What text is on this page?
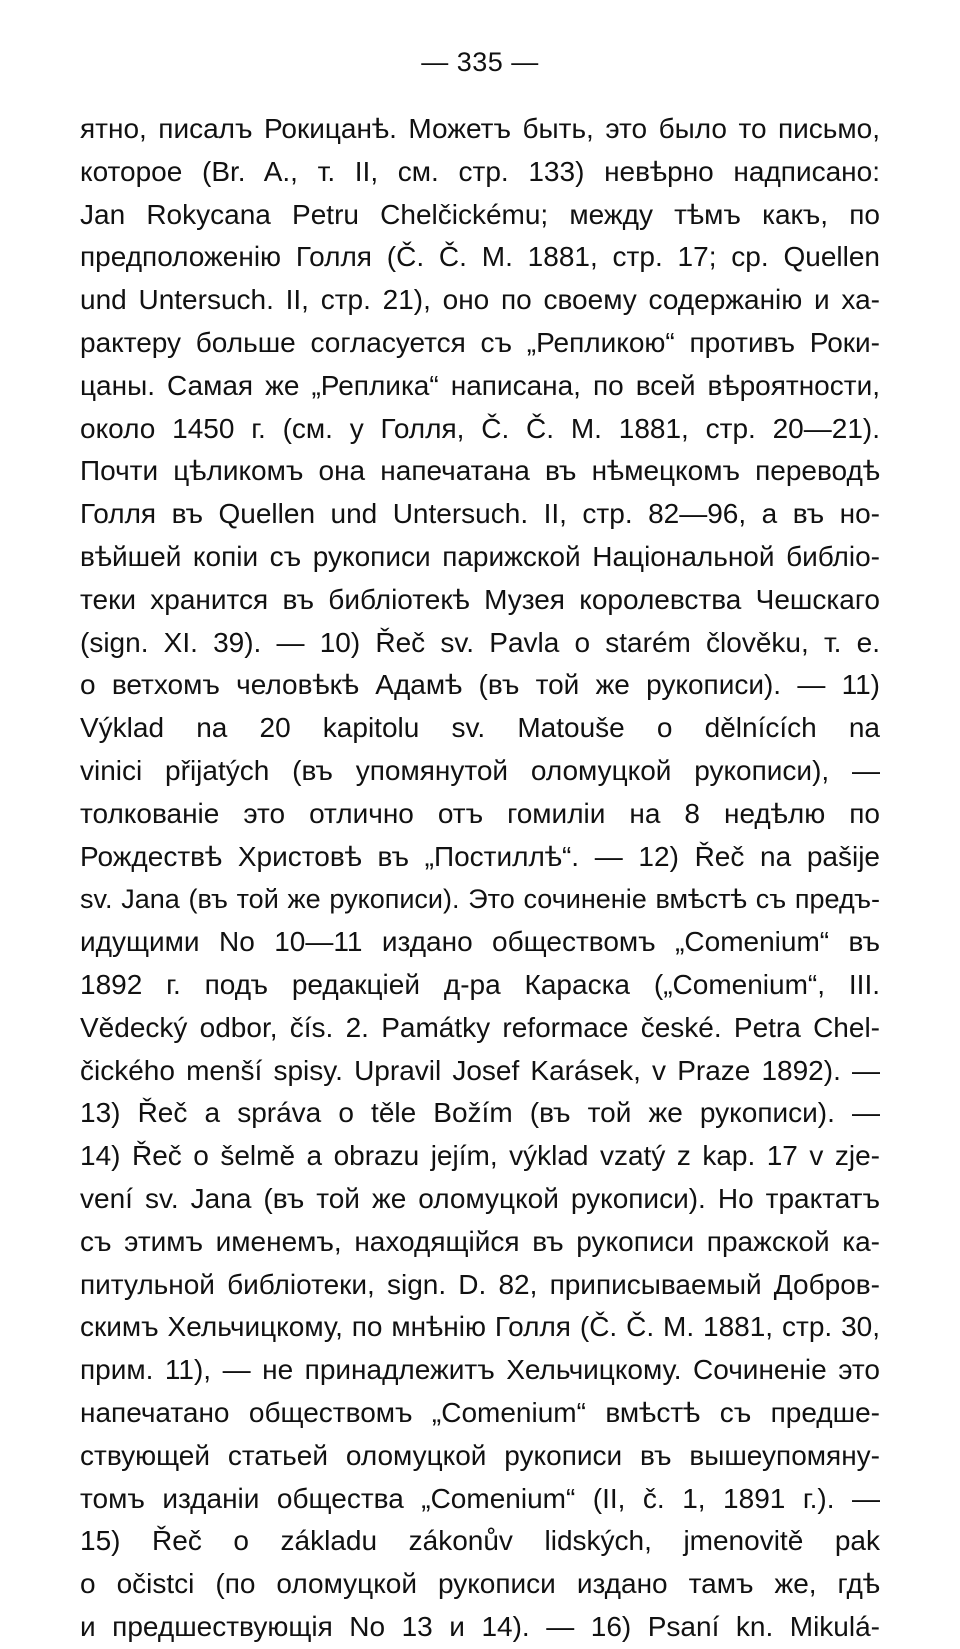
— 335 —
ятно, писалъ Рокицанѣ. Можетъ быть, это было то письмо,
которое (Br. A., т. II, см. стр. 133) невѣрно надписано:
Jan Rokycana Petru Chelčickému; между тѣмъ какъ, по
предположенію Голля (Č. Č. M. 1881, стр. 17; ср. Quellen
und Untersuch. II, стр. 21), оно по своему содержанію и ха-
рактеру больше согласуется съ „Репликою“ противъ Роки-
цаны. Самая же „Реплика“ написана, по всей вѣроятности,
около 1450 г. (см. у Голля, Č. Č. M. 1881, стр. 20—21).
Почти цѣликомъ она напечатана въ нѣмецкомъ переводѣ
Голля въ Quellen und Untersuch. II, стр. 82—96, а въ но-
вѣйшей копіи съ рукописи парижской Національной библіо-
теки хранится въ библіотекѣ Музея королевства Чешскаго
(sign. XI. 39). — 10) Řeč sv. Pavla o starém člověku, т. е.
о ветхомъ человѣкѣ Адамѣ (въ той же рукописи). — 11)
Výklad na 20 kapitolu sv. Matouše o dělnících na
vinici přijatých (въ упомянутой оломуцкой рукописи), —
толкованіе это отлично отъ гомиліи на 8 недѣлю по
Рождествѣ Христовѣ въ „Постиллѣ“. — 12) Řeč na pašije
sv. Jana (въ той же рукописи). Это сочиненіе вмѣстѣ съ предъ-
идущими No 10—11 издано обществомъ „Comenium“ въ
1892 г. подъ редакціей д-ра Караска („Comenium“, III.
Vědecký odbor, čís. 2. Památky reformace české. Petra Chel-
čického menší spisy. Upravil Josef Karásek, v Praze 1892). —
13) Řeč a správa o těle Božím (въ той же рукописи). —
14) Řeč o šelmě a obrazu jejím, výklad vzatý z kap. 17 v zje-
vení sv. Jana (въ той же оломуцкой рукописи). Но трактатъ
съ этимъ именемъ, находящійся въ рукописи пражской ка-
питульной библіотеки, sign. D. 82, приписываемый Добров-
скимъ Хельчицкому, по мнѣнію Голля (Č. Č. M. 1881, стр. 30,
прим. 11), — не принадлежитъ Хельчицкому. Сочиненіе это
напечатано обществомъ „Comenium“ вмѣстѣ съ предше-
ствующей статьей оломуцкой рукописи въ вышеупомяну-
томъ изданіи общества „Comenium“ (II, č. 1, 1891 г.). —
15) Řeč o základu zákonův lidských, jmenovitě pak
o očistci (по оломуцкой рукописи издано тамъ же, гдѣ
и предшествующія No 13 и 14). — 16) Psaní kn. Mikulá-
